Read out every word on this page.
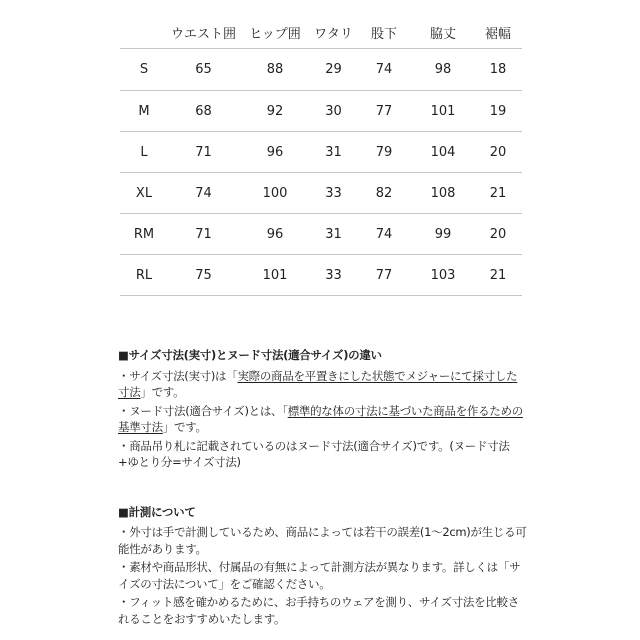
	ウエスト囲	ヒップ囲	ワタリ	股下	脇丈	裾幅
S	65	88	29	74	98	18
M	68	92	30	77	101	19
L	71	96	31	79	104	20
XL	74	100	33	82	108	21
RM	71	96	31	74	99	20
RL	75	101	33	77	103	21

■サイズ寸法(実寸)とヌード寸法(適合サイズ)の違い

・サイズ寸法(実寸)は「実際の商品を平置きにした状態でメジャーにて採寸した寸法」です。

・ヌード寸法(適合サイズ)とは、「標準的な体の寸法に基づいた商品を作るための基準寸法」です。

・商品吊り札に記載されているのはヌード寸法(適合サイズ)です。(ヌード寸法+ゆとり分=サイズ寸法)

■計測について

・外寸は手で計測しているため、商品によっては若干の誤差(1〜2cm)が生じる可能性があります。

・素材や商品形状、付属品の有無によって計測方法が異なります。詳しくは「サイズの寸法について」をご確認ください。

・フィット感を確かめるために、お手持ちのウェアを測り、サイズ寸法を比較されることをおすすめいたします。
